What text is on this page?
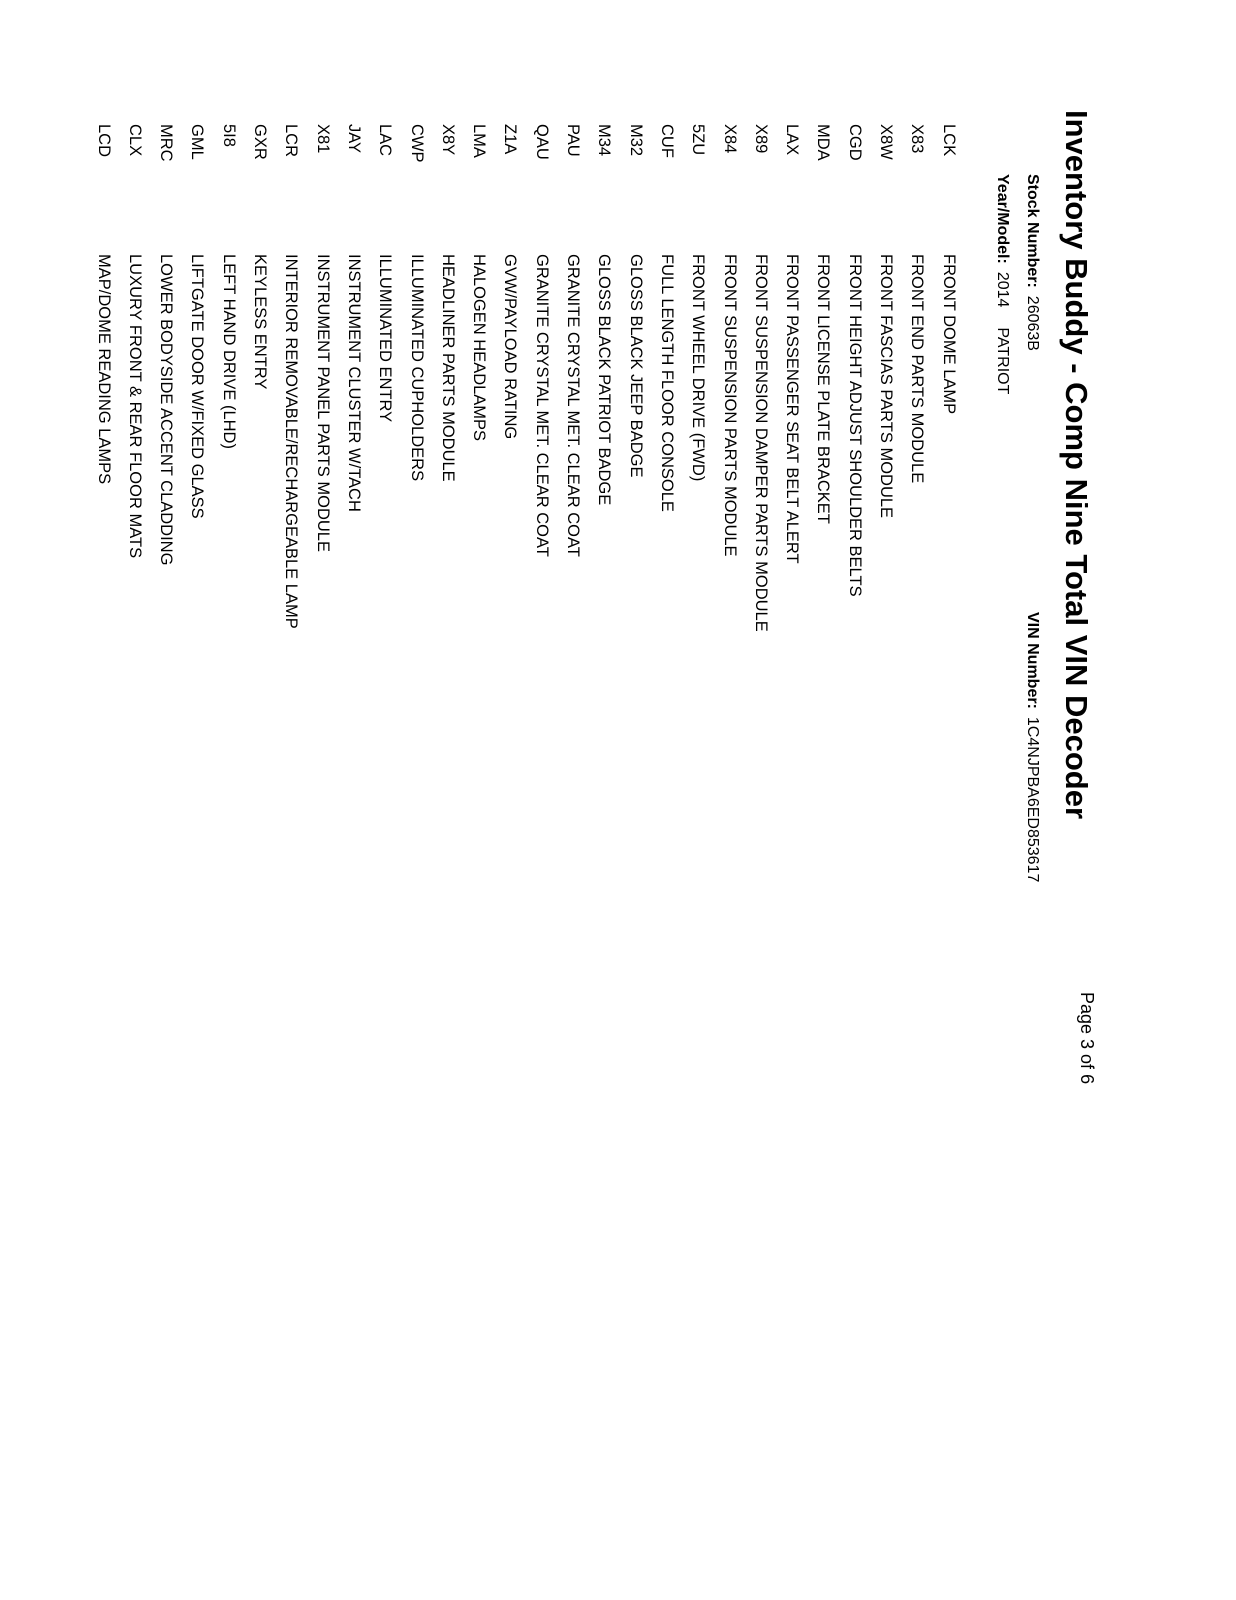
Inventory Buddy - Comp Nine Total VIN Decoder
Page 3 of 6
Stock Number:26063B
VIN Number:1C4NJPBA6ED853617
Year/Model:2014PATRIOT
LCK
FRONT DOME LAMP
X83
FRONT END PARTS MODULE
X8W
FRONT FASCIAS PARTS MODULE
CGD
FRONT HEIGHT ADJUST SHOULDER BELTS
MDA
FRONT LICENSE PLATE BRACKET
LAX
FRONT PASSENGER SEAT BELT ALERT
X89
FRONT SUSPENSION DAMPER PARTS MODULE
X84
FRONT SUSPENSION PARTS MODULE
5ZU
FRONT WHEEL DRIVE (FWD)
CUF
FULL LENGTH FLOOR CONSOLE
M32
GLOSS BLACK JEEP BADGE
M34
GLOSS BLACK PATRIOT BADGE
PAU
GRANITE CRYSTAL MET. CLEAR COAT
QAU
GRANITE CRYSTAL MET. CLEAR COAT
Z1A
GVW/PAYLOAD RATING
LMA
HALOGEN HEADLAMPS
X8Y
HEADLINER PARTS MODULE
CWP
ILLUMINATED CUPHOLDERS
LAC
ILLUMINATED ENTRY
JAY
INSTRUMENT CLUSTER W/TACH
X81
INSTRUMENT PANEL PARTS MODULE
LCR
INTERIOR REMOVABLE/RECHARGEABLE LAMP
GXR
KEYLESS ENTRY
5I8
LEFT HAND DRIVE (LHD)
GML
LIFTGATE DOOR W/FIXED GLASS
MRC
LOWER BODYSIDE ACCENT CLADDING
CLX
LUXURY FRONT & REAR FLOOR MATS
LCD
MAP/DOME READING LAMPS
